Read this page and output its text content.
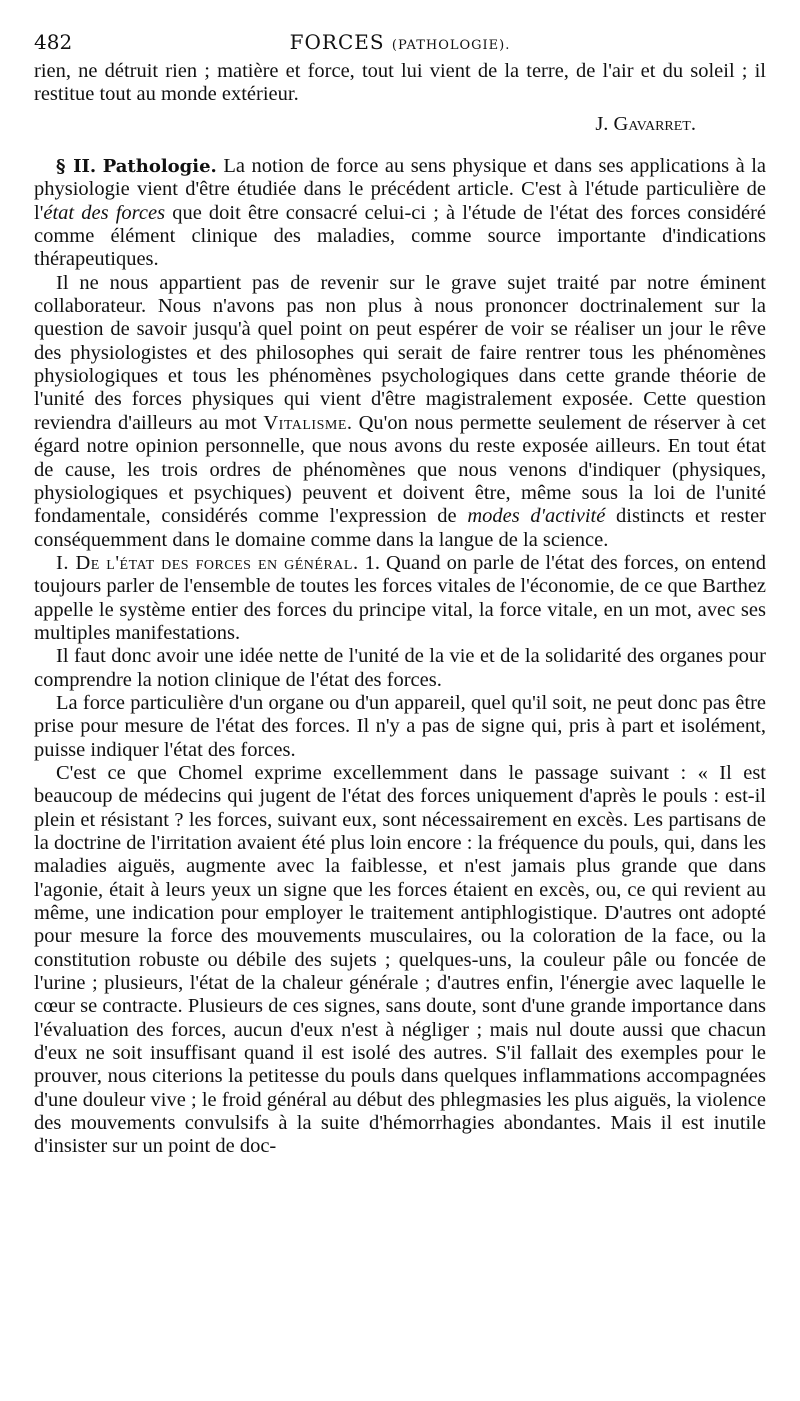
482	FORCES (PATHOLOGIE).

rien, ne détruit rien ; matière et force, tout lui vient de la terre, de l'air et du soleil ; il restitue tout au monde extérieur.

J. Gavarret.

§ II. Pathologie. La notion de force au sens physique et dans ses applications à la physiologie vient d'être étudiée dans le précédent article. C'est à l'étude particulière de l'état des forces que doit être consacré celui-ci ; à l'étude de l'état des forces considéré comme élément clinique des maladies, comme source importante d'indications thérapeutiques.

Il ne nous appartient pas de revenir sur le grave sujet traité par notre éminent collaborateur. Nous n'avons pas non plus à nous prononcer doctrinalement sur la question de savoir jusqu'à quel point on peut espérer de voir se réaliser un jour le rêve des physiologistes et des philosophes qui serait de faire rentrer tous les phénomènes physiologiques et tous les phénomènes psychologiques dans cette grande théorie de l'unité des forces physiques qui vient d'être magistralement exposée. Cette question reviendra d'ailleurs au mot Vitalisme. Qu'on nous permette seulement de réserver à cet égard notre opinion personnelle, que nous avons du reste exposée ailleurs. En tout état de cause, les trois ordres de phénomènes que nous venons d'indiquer (physiques, physiologiques et psychiques) peuvent et doivent être, même sous la loi de l'unité fondamentale, considérés comme l'expression de modes d'activité distincts et rester conséquemment dans le domaine comme dans la langue de la science.

I. De l'état des forces en général. 1. Quand on parle de l'état des forces, on entend toujours parler de l'ensemble de toutes les forces vitales de l'économie, de ce que Barthez appelle le système entier des forces du principe vital, la force vitale, en un mot, avec ses multiples manifestations.

Il faut donc avoir une idée nette de l'unité de la vie et de la solidarité des organes pour comprendre la notion clinique de l'état des forces.

La force particulière d'un organe ou d'un appareil, quel qu'il soit, ne peut donc pas être prise pour mesure de l'état des forces. Il n'y a pas de signe qui, pris à part et isolément, puisse indiquer l'état des forces.

C'est ce que Chomel exprime excellemment dans le passage suivant : « Il est beaucoup de médecins qui jugent de l'état des forces uniquement d'après le pouls : est-il plein et résistant ? les forces, suivant eux, sont nécessairement en excès. Les partisans de la doctrine de l'irritation avaient été plus loin encore : la fréquence du pouls, qui, dans les maladies aiguës, augmente avec la faiblesse, et n'est jamais plus grande que dans l'agonie, était à leurs yeux un signe que les forces étaient en excès, ou, ce qui revient au même, une indication pour employer le traitement antiphlogistique. D'autres ont adopté pour mesure la force des mouvements musculaires, ou la coloration de la face, ou la constitution robuste ou débile des sujets ; quelques-uns, la couleur pâle ou foncée de l'urine ; plusieurs, l'état de la chaleur générale ; d'autres enfin, l'énergie avec laquelle le cœur se contracte. Plusieurs de ces signes, sans doute, sont d'une grande importance dans l'évaluation des forces, aucun d'eux n'est à négliger ; mais nul doute aussi que chacun d'eux ne soit insuffisant quand il est isolé des autres. S'il fallait des exemples pour le prouver, nous citerions la petitesse du pouls dans quelques inflammations accompagnées d'une douleur vive ; le froid général au début des phlegmasies les plus aiguës, la violence des mouvements convulsifs à la suite d'hémorrhagies abondantes. Mais il est inutile d'insister sur un point de doc-
